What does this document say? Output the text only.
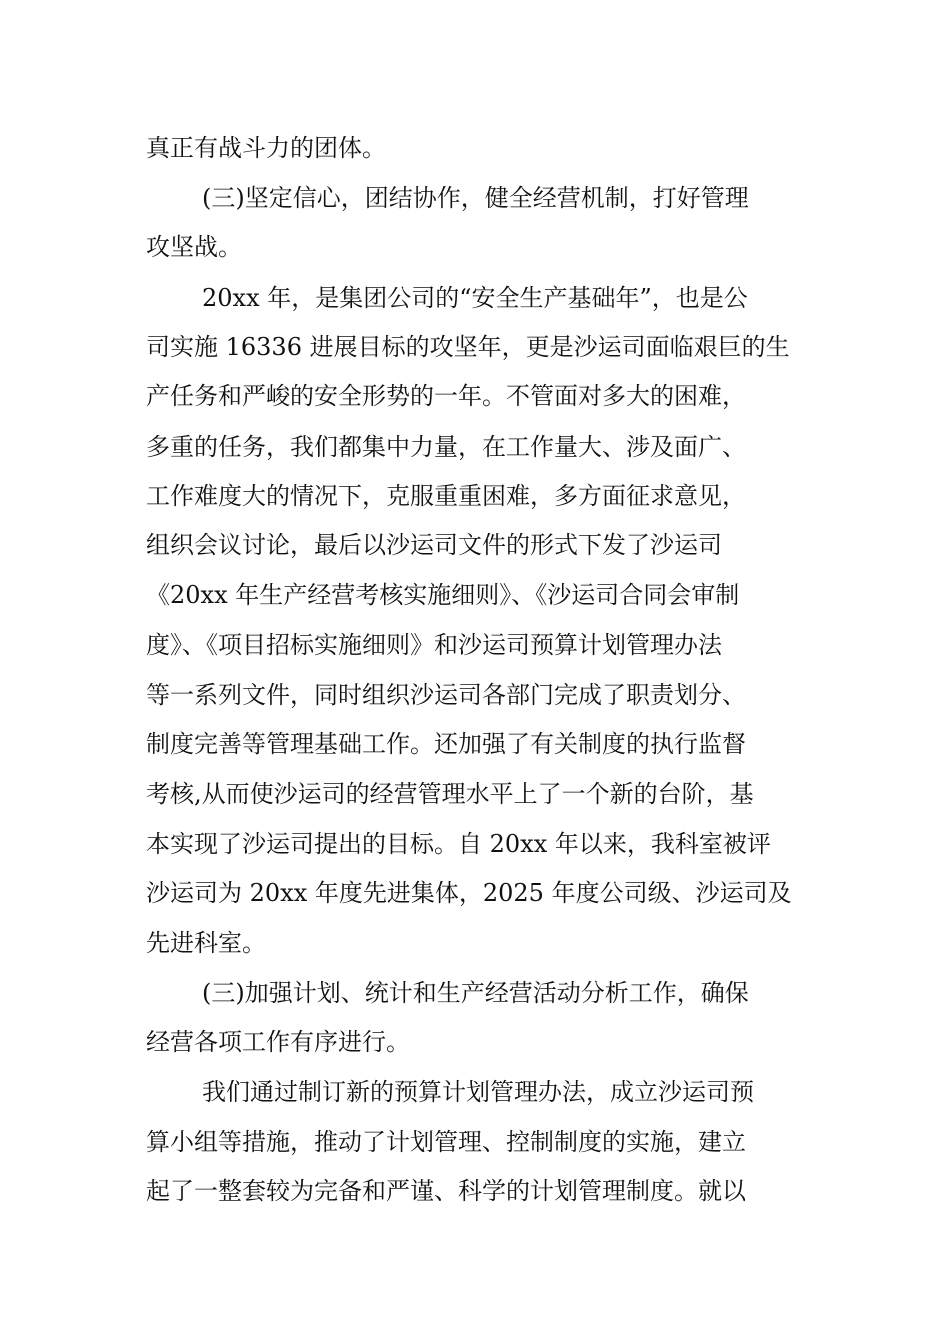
真正有战斗力的团体。

(三)坚定信心，团结协作，健全经营机制，打好管理

攻坚战。

20xx 年，是集团公司的“安全生产基础年”，也是公

司实施 16336 进展目标的攻坚年，更是沙运司面临艰巨的生

产任务和严峻的安全形势的一年。不管面对多大的困难，

多重的任务，我们都集中力量，在工作量大、涉及面广、

工作难度大的情况下，克服重重困难，多方面征求意见，

组织会议讨论，最后以沙运司文件的形式下发了沙运司

《20xx 年生产经营考核实施细则》、《沙运司合同会审制

度》、《项目招标实施细则》和沙运司预算计划管理办法

等一系列文件，同时组织沙运司各部门完成了职责划分、

制度完善等管理基础工作。还加强了有关制度的执行监督

考核,从而使沙运司的经营管理水平上了一个新的台阶，基

本实现了沙运司提出的目标。自 20xx 年以来，我科室被评

沙运司为 20xx 年度先进集体，2025 年度公司级、沙运司及

先进科室。

(三)加强计划、统计和生产经营活动分析工作，确保

经营各项工作有序进行。

我们通过制订新的预算计划管理办法，成立沙运司预

算小组等措施，推动了计划管理、控制制度的实施，建立

起了一整套较为完备和严谨、科学的计划管理制度。就以
